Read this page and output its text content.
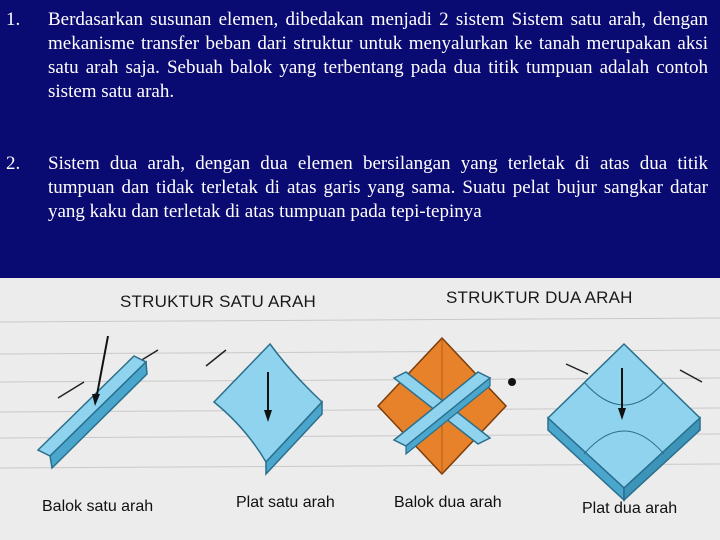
1. Berdasarkan susunan elemen, dibedakan menjadi 2 sistem Sistem satu arah, dengan mekanisme transfer beban dari struktur untuk menyalurkan ke tanah merupakan aksi satu arah saja. Sebuah balok yang terbentang pada dua titik tumpuan adalah contoh sistem satu arah.
2. Sistem dua arah, dengan dua elemen bersilangan yang terletak di atas dua titik tumpuan dan tidak terletak di atas garis yang sama. Suatu pelat bujur sangkar datar yang kaku dan terletak di atas tumpuan pada tepi-tepinya
STRUKTUR SATU ARAH	STRUKTUR DUA ARAH
Balok satu arah	Plat satu arah	Balok dua arah	Plat dua arah
